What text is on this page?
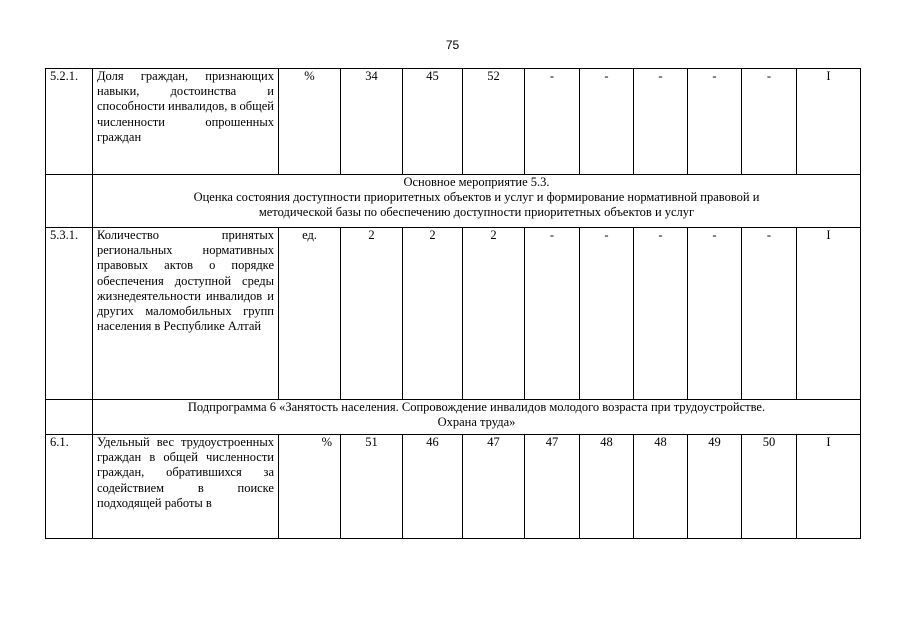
75
5.2.1.	Доля граждан, признающих навыки, достоинства и способности инвалидов, в общей численности опрошенных граждан	%	34	45	52	-	-	-	-	-	I

	Основное мероприятие 5.3.
Оценка состояния доступности приоритетных объектов и услуг и формирование нормативной правовой и
методической базы по обеспечению доступности приоритетных объектов и услуг										

5.3.1.	Количество принятых региональных нормативных правовых актов о порядке обеспечения доступной среды жизнедеятельности инвалидов и других маломобильных групп населения в Республике Алтай	ед.	2	2	2	-	-	-	-	-	I

	Подпрограмма 6 «Занятость населения. Сопровождение инвалидов молодого возраста при трудоустройстве.
Охрана труда»										

6.1.	Удельный вес трудоустроенных граждан в общей численности граждан, обратившихся за содействием в поиске подходящей работы в	%	51	46	47	47	48	48	49	50	I
